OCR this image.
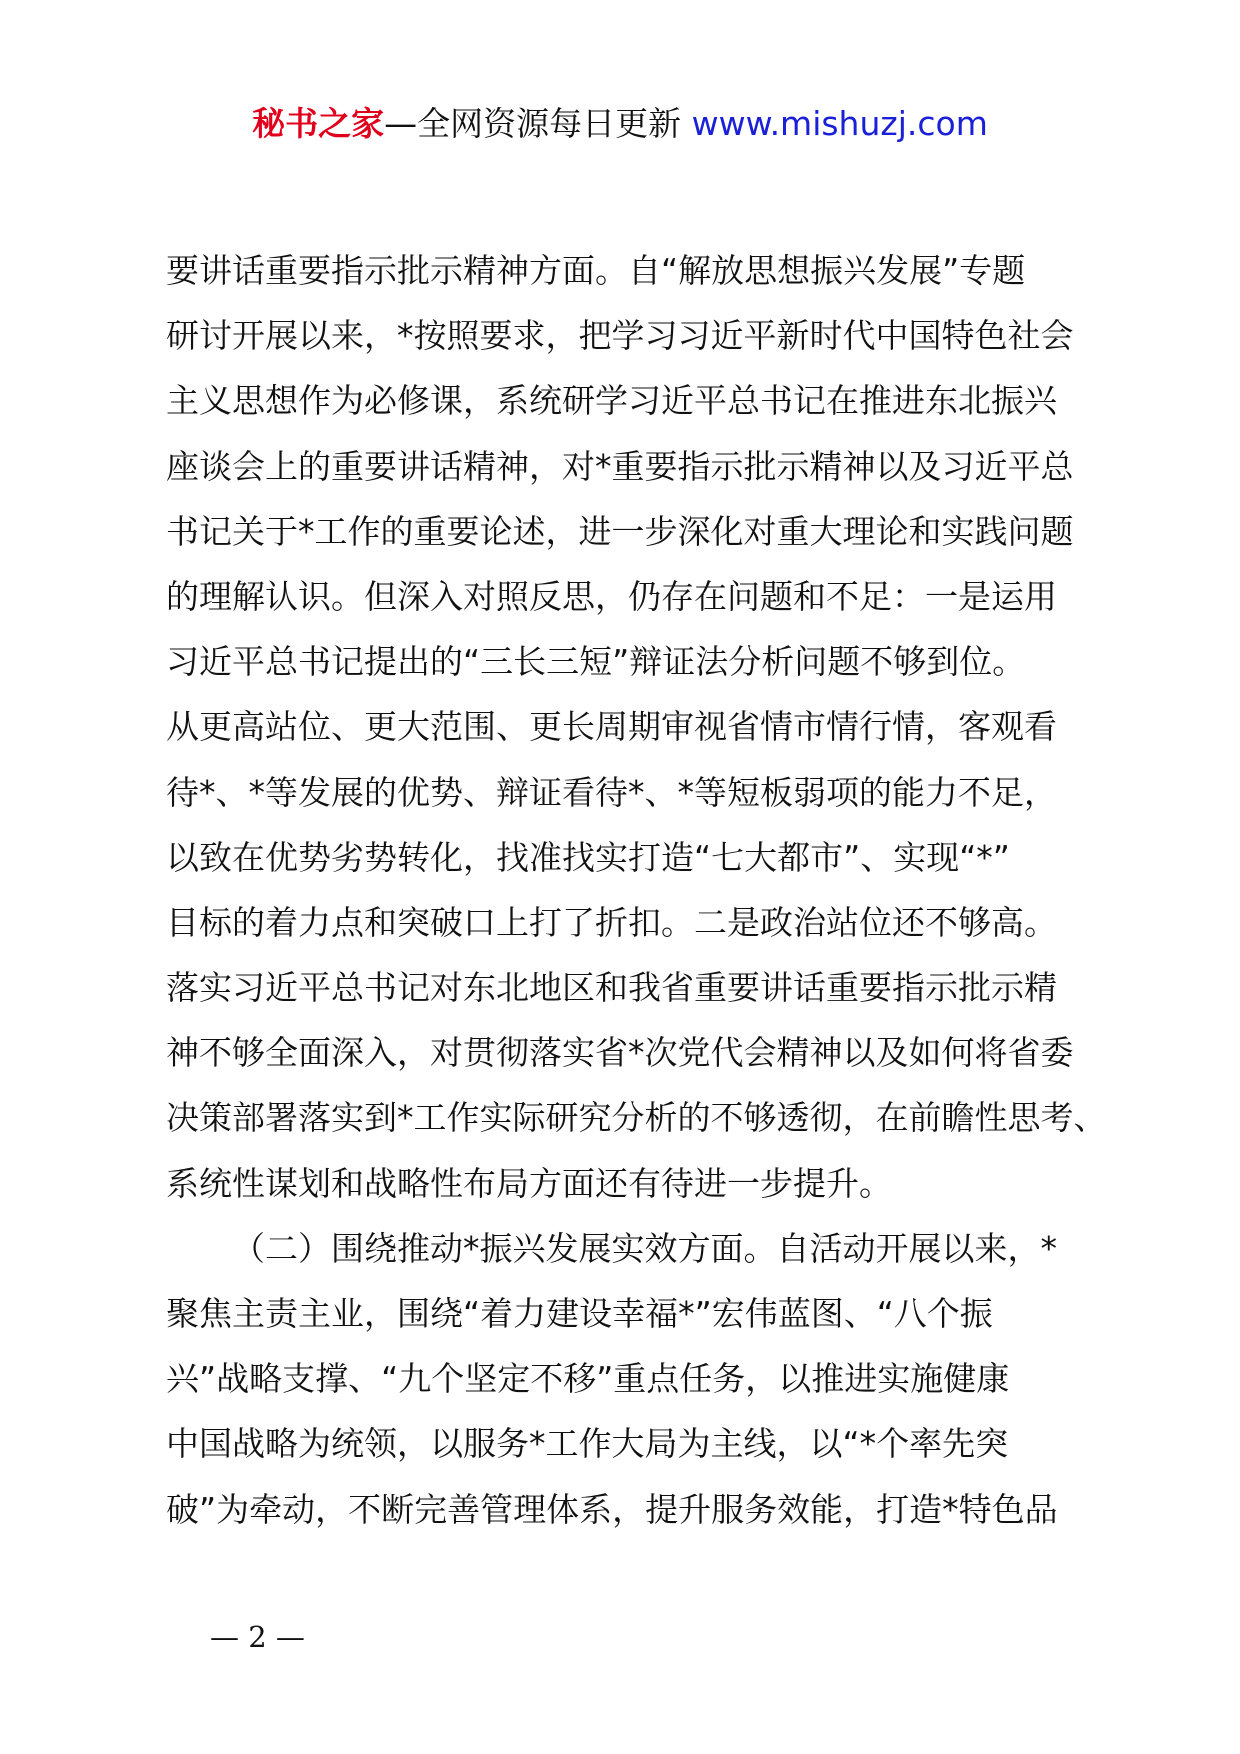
秘书之家—全网资源每日更新 www.mishuzj.com
要讲话重要指示批示精神方面。自“解放思想振兴发展”专题
研讨开展以来，*按照要求，把学习习近平新时代中国特色社会
主义思想作为必修课，系统研学习近平总书记在推进东北振兴
座谈会上的重要讲话精神，对*重要指示批示精神以及习近平总
书记关于*工作的重要论述，进一步深化对重大理论和实践问题
的理解认识。但深入对照反思，仍存在问题和不足：一是运用
习近平总书记提出的“三长三短”辩证法分析问题不够到位。
从更高站位、更大范围、更长周期审视省情市情行情，客观看
待*、*等发展的优势、辩证看待*、*等短板弱项的能力不足，
以致在优势劣势转化，找准找实打造“七大都市”、实现“*”
目标的着力点和突破口上打了折扣。二是政治站位还不够高。
落实习近平总书记对东北地区和我省重要讲话重要指示批示精
神不够全面深入，对贯彻落实省*次党代会精神以及如何将省委
决策部署落实到*工作实际研究分析的不够透彻，在前瞻性思考、
系统性谋划和战略性布局方面还有待进一步提升。
（二）围绕推动*振兴发展实效方面。自活动开展以来，*
聚焦主责主业，围绕“着力建设幸福*”宏伟蓝图、“八个振
兴”战略支撑、“九个坚定不移”重点任务，以推进实施健康
中国战略为统领，以服务*工作大局为主线，以“*个率先突
破”为牵动，不断完善管理体系，提升服务效能，打造*特色品
— 2 —
